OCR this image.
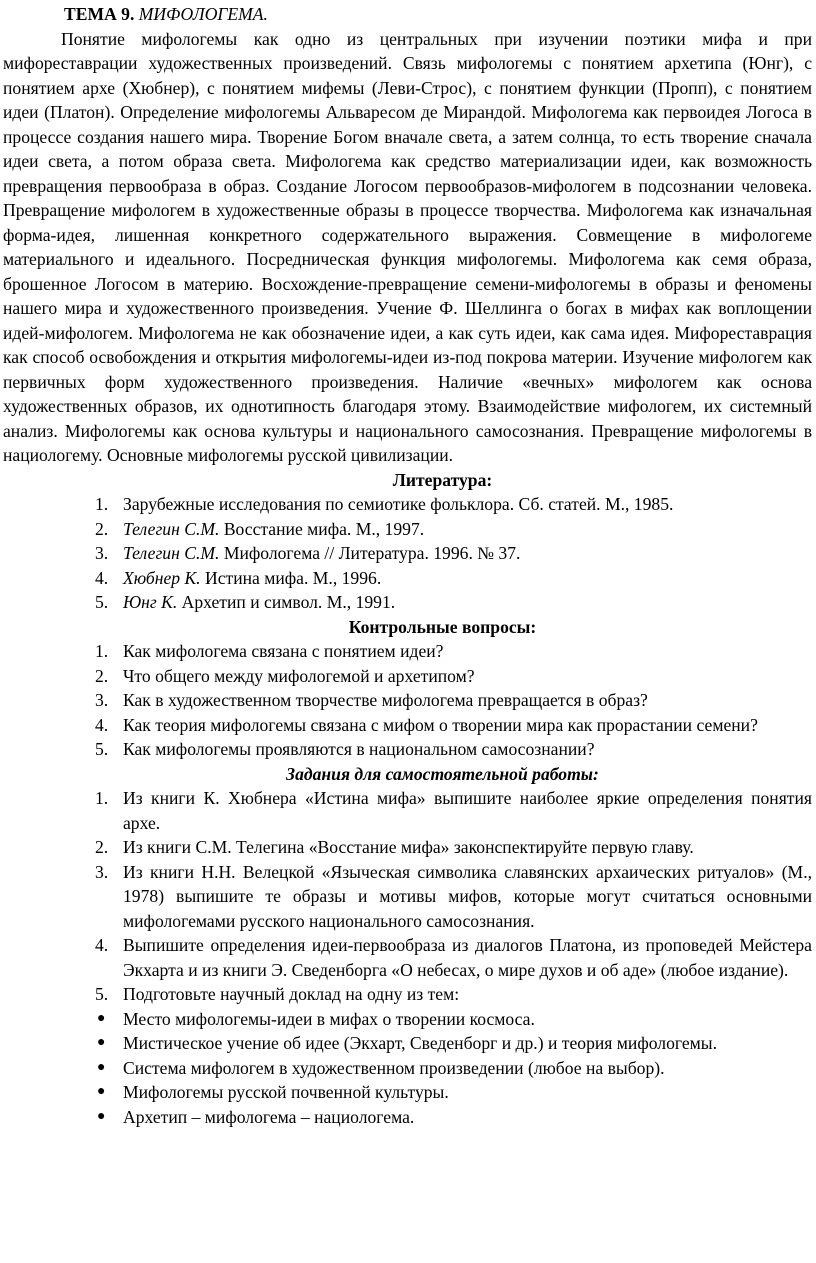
ТЕМА 9. МИФОЛОГЕМА.

Понятие мифологемы как одно из центральных при изучении поэтики мифа и при мифореставрации художественных произведений. Связь мифологемы с понятием архетипа (Юнг), с понятием архе (Хюбнер), с понятием мифемы (Леви-Строс), с понятием функции (Пропп), с понятием идеи (Платон). Определение мифологемы Альваресом де Мирандой. Мифологема как первоидея Логоса в процессе создания нашего мира. Творение Богом вначале света, а затем солнца, то есть творение сначала идеи света, а потом образа света. Мифологема как средство материализации идеи, как возможность превращения первообраза в образ. Создание Логосом первообразов-мифологем в подсознании человека. Превращение мифологем в художественные образы в процессе творчества. Мифологема как изначальная форма-идея, лишенная конкретного содержательного выражения. Совмещение в мифологеме материального и идеального. Посредническая функция мифологемы. Мифологема как семя образа, брошенное Логосом в материю. Восхождение-превращение семени-мифологемы в образы и феномены нашего мира и художественного произведения. Учение Ф. Шеллинга о богах в мифах как воплощении идей-мифологем. Мифологема не как обозначение идеи, а как суть идеи, как сама идея. Мифореставрация как способ освобождения и открытия мифологемы-идеи из-под покрова материи. Изучение мифологем как первичных форм художественного произведения. Наличие «вечных» мифологем как основа художественных образов, их однотипность благодаря этому. Взаимодействие мифологем, их системный анализ. Мифологемы как основа культуры и национального самосознания. Превращение мифологемы в нациологему. Основные мифологемы русской цивилизации.

Литература:
1. Зарубежные исследования по семиотике фольклора. Сб. статей. М., 1985.
2. Телегин С.М. Восстание мифа. М., 1997.
3. Телегин С.М. Мифологема // Литература. 1996. № 37.
4. Хюбнер К. Истина мифа. М., 1996.
5. Юнг К. Архетип и символ. М., 1991.
Контрольные вопросы:
1. Как мифологема связана с понятием идеи?
2. Что общего между мифологемой и архетипом?
3. Как в художественном творчестве мифологема превращается в образ?
4. Как теория мифологемы связана с мифом о творении мира как прорастании семени?
5. Как мифологемы проявляются в национальном самосознании?
Задания для самостоятельной работы:
1. Из книги К. Хюбнера «Истина мифа» выпишите наиболее яркие определения понятия архе.
2. Из книги С.М. Телегина «Восстание мифа» законспектируйте первую главу.
3. Из книги Н.Н. Велецкой «Языческая символика славянских архаических ритуалов» (М., 1978) выпишите те образы и мотивы мифов, которые могут считаться основными мифологемами русского национального самосознания.
4. Выпишите определения идеи-первообраза из диалогов Платона, из проповедей Мейстера Экхарта и из книги Э. Сведенборга «О небесах, о мире духов и об аде» (любое издание).
5. Подготовьте научный доклад на одну из тем:
● Место мифологемы-идеи в мифах о творении космоса.
● Мистическое учение об идее (Экхарт, Сведенборг и др.) и теория мифологемы.
● Система мифологем в художественном произведении (любое на выбор).
● Мифологемы русской почвенной культуры.
● Архетип – мифологема – нациологема.
